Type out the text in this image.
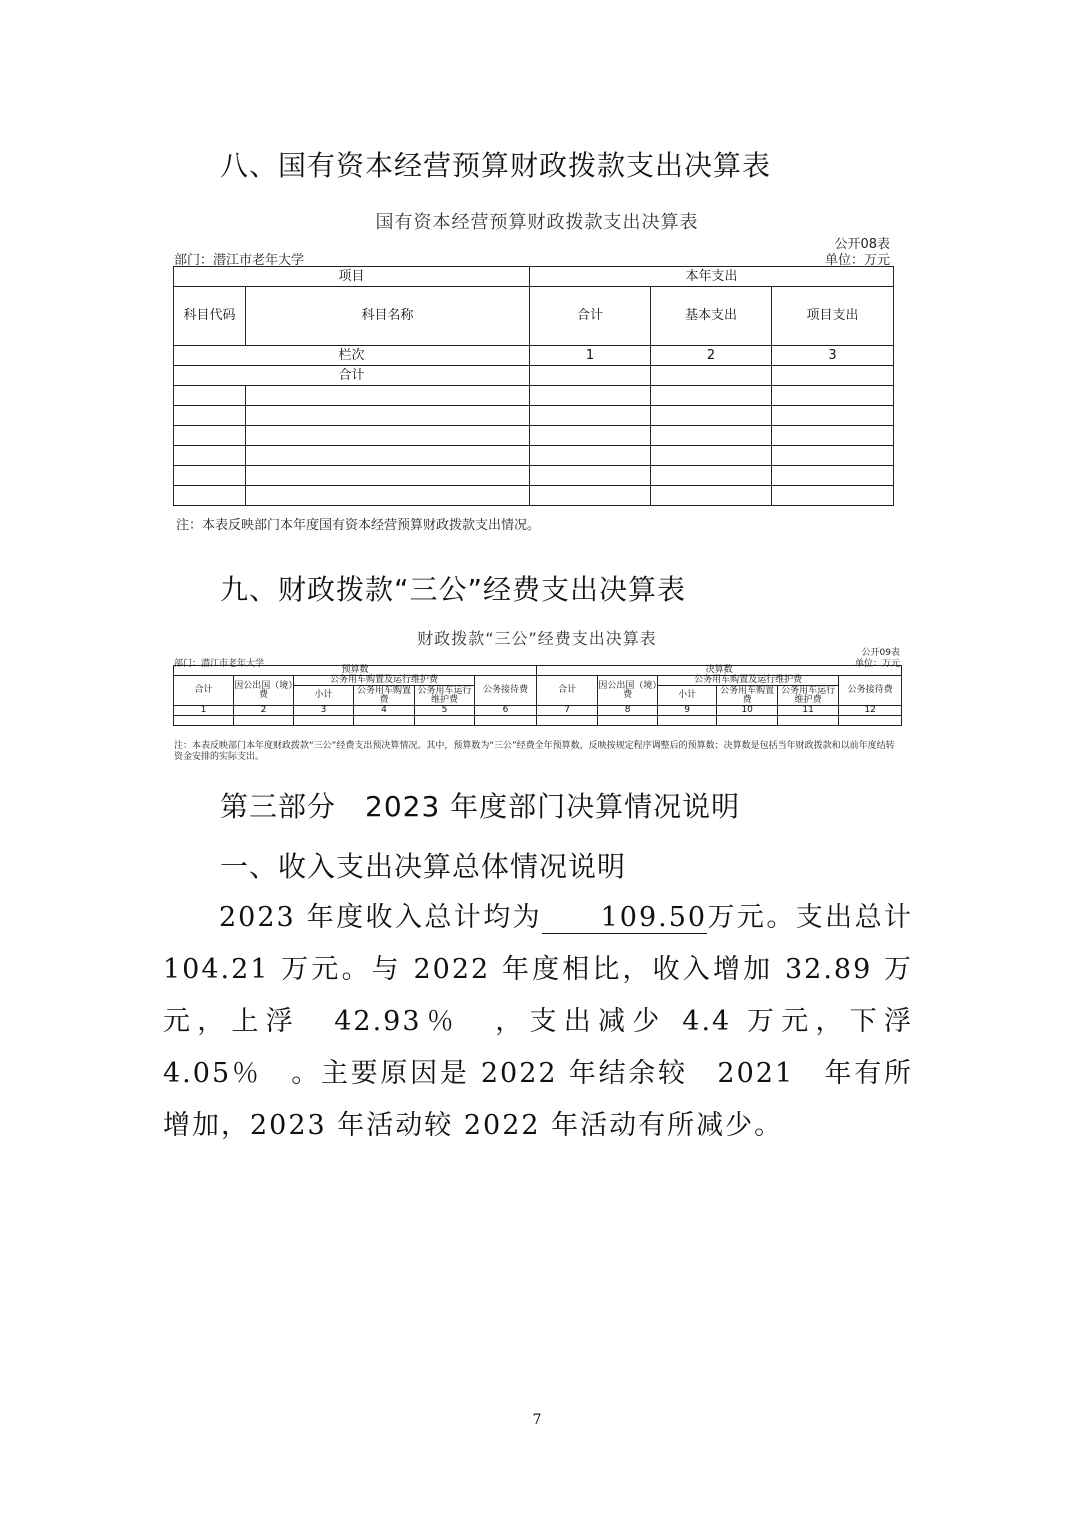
八、国有资本经营预算财政拨款支出决算表
国有资本经营预算财政拨款支出决算表
公开08表
部门：潜江市老年大学	单位：万元
项目		本年支出		
科目代码	科目名称	合计	基本支出	项目支出
栏次		1	2	3
合计				

注：本表反映部门本年度国有资本经营预算财政拨款支出情况。
九、财政拨款“三公”经费支出决算表
财政拨款“三公”经费支出决算表
公开09表
部门：潜江市老年大学	单位：万元
预算数						决算数					
合计	因公出国（境）费	公务用车购置及运行维护费			公务接待费	合计	因公出国（境）费	公务用车购置及运行维护费			公务接待费
		小计	公务用车购置费	公务用车运行维护费				小计	公务用车购置费	公务用车运行维护费	
1	2	3	4	5	6	7	8	9	10	11	12

注：本表反映部门本年度财政拨款“三公”经费支出预决算情况。其中，预算数为“三公”经费全年预算数，反映按规定程序调整后的预算数；决算数是包括当年财政拨款和以前年度结转资金安排的实际支出。
第三部分　2023 年度部门决算情况说明
一、收入支出决算总体情况说明
2023 年度收入总计均为 109.50万元。支出总计 104.21 万元。与 2022 年度相比，收入增加 32.89 万元，上浮　42.93％　，支出减少 4.4 万元，下浮　4.05％　。主要原因是 2022 年结余较　2021　年有所增加，2023 年活动较 2022 年活动有所减少。
7
